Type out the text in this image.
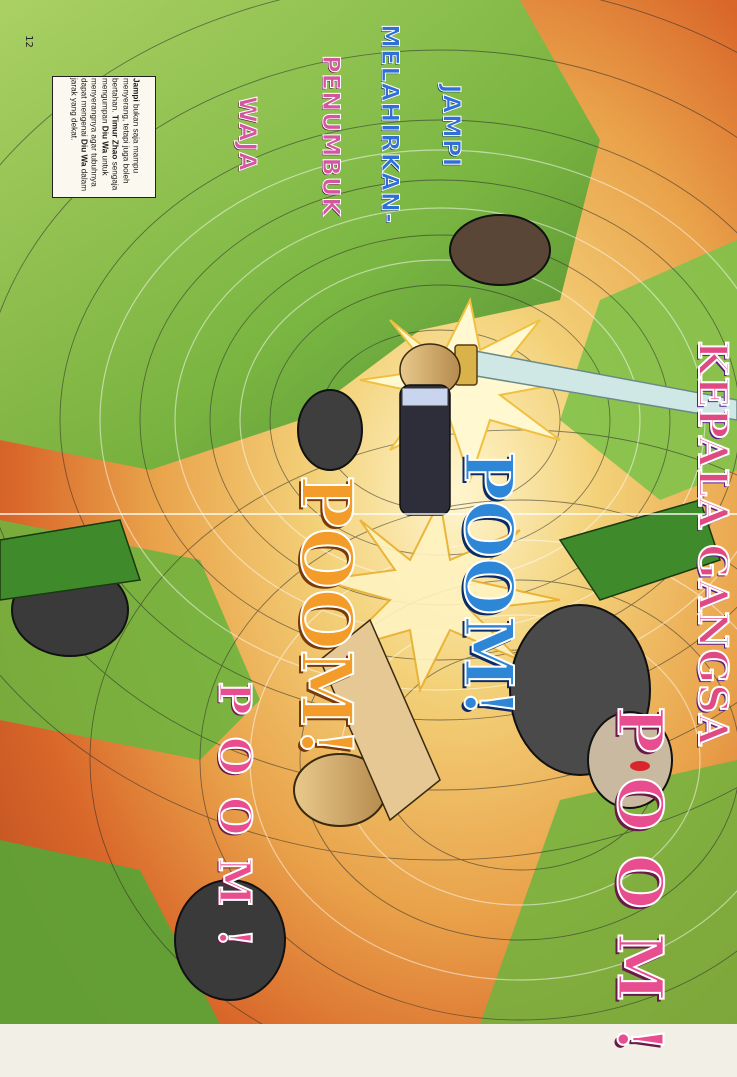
12
Jampi bukan saja mampu menyerang, tetapi juga boleh bertahan. Timur Zhao sengaja mengumpan Diu Wa untuk menyerangnya agar tubuhnya dapat mengenai Diu Wa dalam jarak yang dekat.	JAMPI
MELAHIRKAN-
PENUMBUK
WAJA
KEPALA GANGSA
POOM!
POOM!
POOM!	POOM!
